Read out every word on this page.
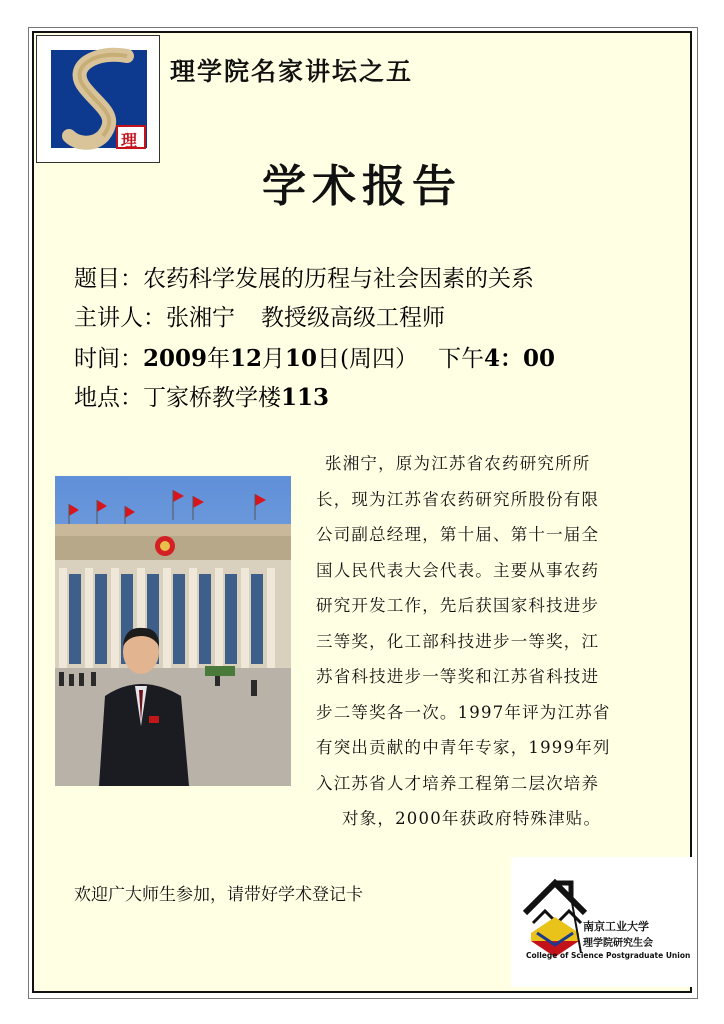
理
理学院名家讲坛之五
学术报告
题目：农药科学发展的历程与社会因素的关系
主讲人：张湘宁 教授级高级工程师
时间：2009年12月10日(周四） 下午4：00
地点：丁家桥教学楼113
张湘宁，原为江苏省农药研究所所
长，现为江苏省农药研究所股份有限
公司副总经理，第十届、第十一届全
国人民代表大会代表。主要从事农药
研究开发工作，先后获国家科技进步
三等奖，化工部科技进步一等奖，江
苏省科技进步一等奖和江苏省科技进
步二等奖各一次。1997年评为江苏省
有突出贡献的中青年专家，1999年列
入江苏省人才培养工程第二层次培养
对象，2000年获政府特殊津贴。
欢迎广大师生参加，请带好学术登记卡
南京工业大学
理学院研究生会
College of Science Postgraduate Union
